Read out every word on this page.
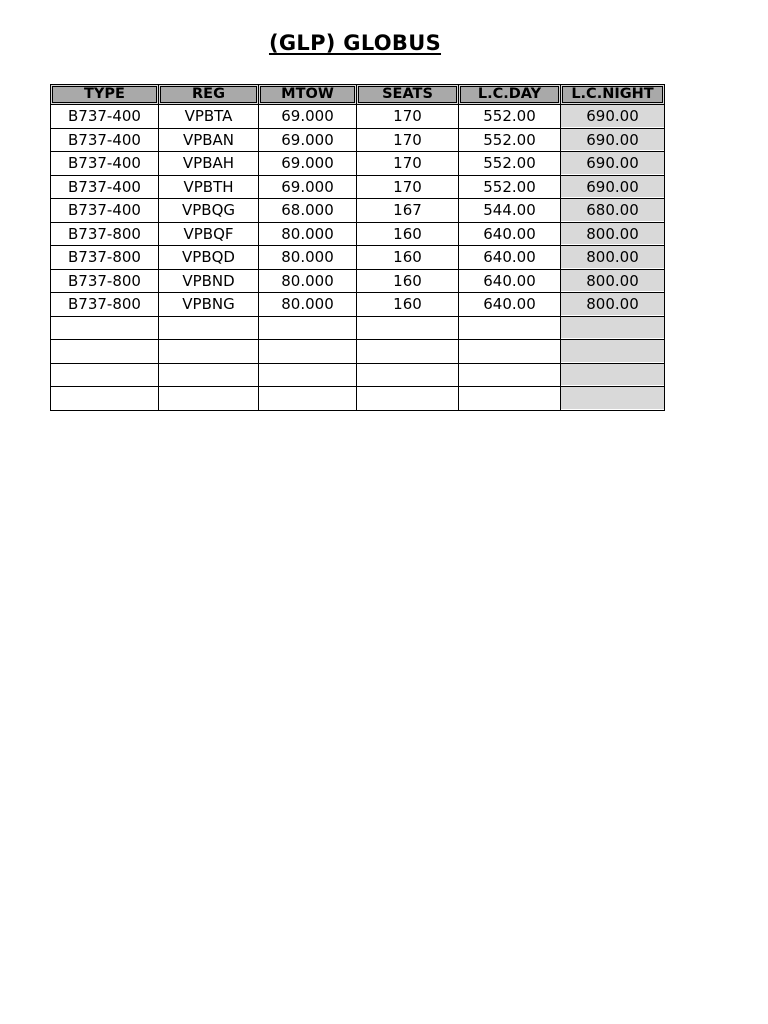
(GLP) GLOBUS
TYPE	REG	MTOW	SEATS	L.C.DAY	L.C.NIGHT
B737-400	VPBTA	69.000	170	552.00	690.00
B737-400	VPBAN	69.000	170	552.00	690.00
B737-400	VPBAH	69.000	170	552.00	690.00
B737-400	VPBTH	69.000	170	552.00	690.00
B737-400	VPBQG	68.000	167	544.00	680.00
B737-800	VPBQF	80.000	160	640.00	800.00
B737-800	VPBQD	80.000	160	640.00	800.00
B737-800	VPBND	80.000	160	640.00	800.00
B737-800	VPBNG	80.000	160	640.00	800.00
